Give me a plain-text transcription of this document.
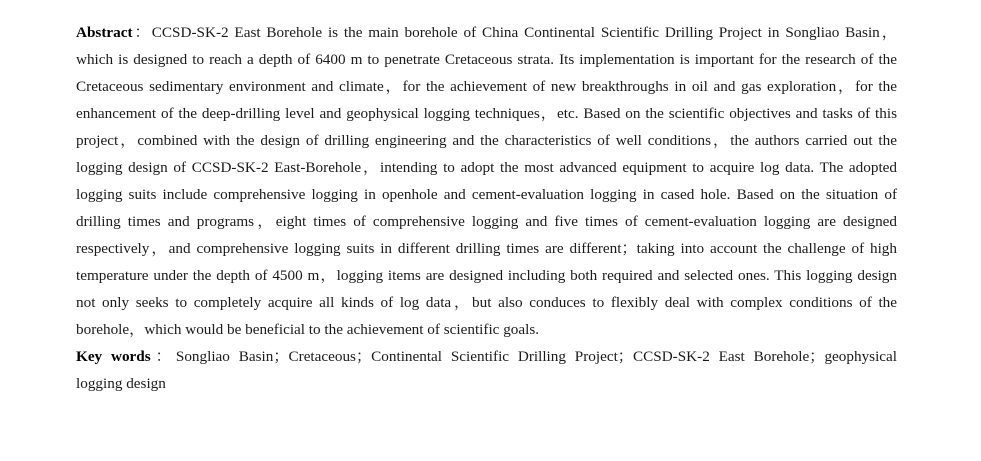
Abstract：CCSD-SK-2 East Borehole is the main borehole of China Continental Scientific Drilling Project in Songliao Basin，which is designed to reach a depth of 6400 m to penetrate Cretaceous strata. Its implementation is important for the research of the Cretaceous sedimentary environment and climate，for the achievement of new breakthroughs in oil and gas exploration，for the enhancement of the deep-drilling level and geophysical logging techniques，etc. Based on the scientific objectives and tasks of this project，combined with the design of drilling engineering and the characteristics of well conditions，the authors carried out the logging design of CCSD-SK-2 East-Borehole，intending to adopt the most advanced equipment to acquire log data. The adopted logging suits include comprehensive logging in openhole and cement-evaluation logging in cased hole. Based on the situation of drilling times and programs，eight times of comprehensive logging and five times of cement-evaluation logging are designed respectively，and comprehensive logging suits in different drilling times are different；taking into account the challenge of high temperature under the depth of 4500 m，logging items are designed including both required and selected ones. This logging design not only seeks to completely acquire all kinds of log data，but also conduces to flexibly deal with complex conditions of the borehole，which would be beneficial to the achievement of scientific goals.

Key words：Songliao Basin；Cretaceous；Continental Scientific Drilling Project；CCSD-SK-2 East Borehole；geophysical logging design
